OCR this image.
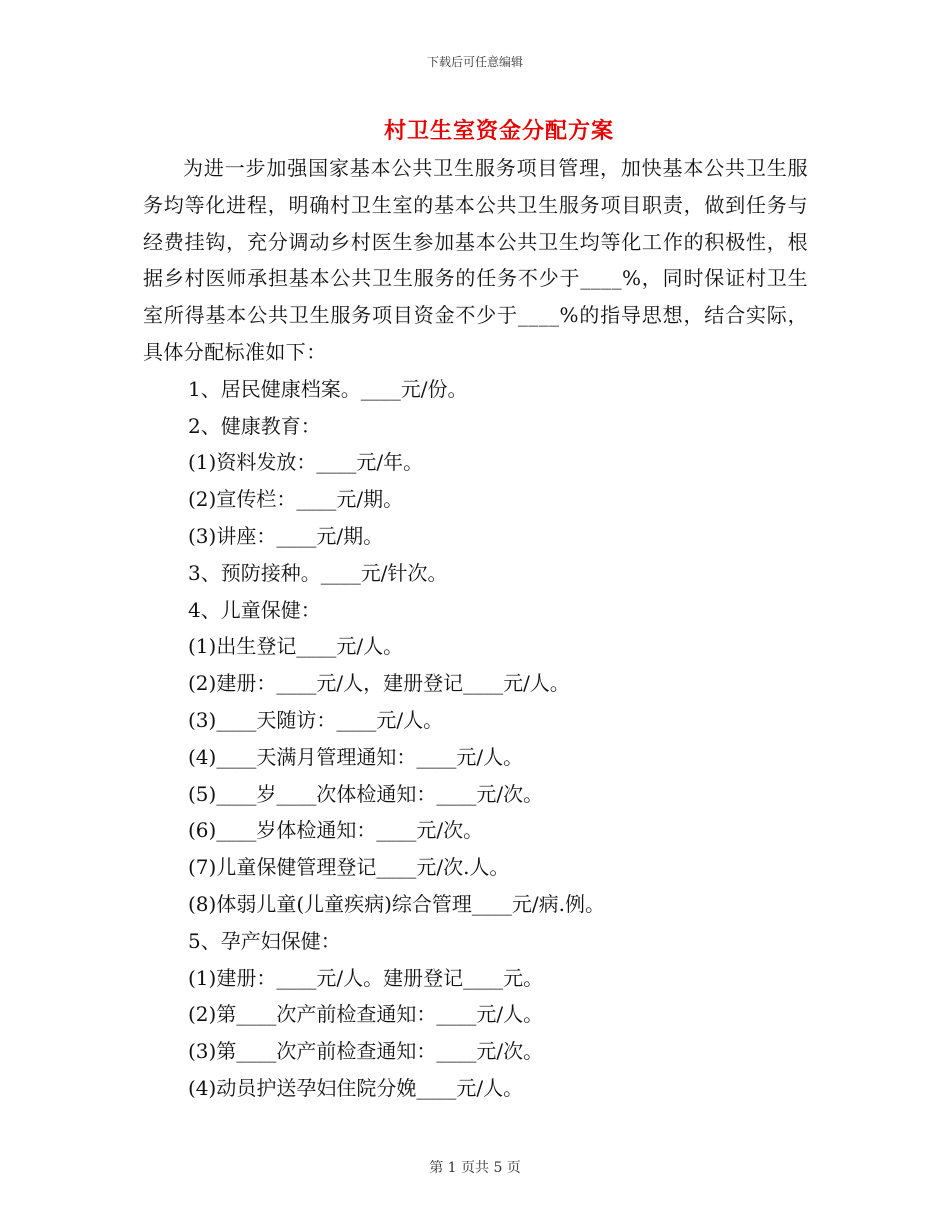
下载后可任意编辑
村卫生室资金分配方案

为进一步加强国家基本公共卫生服务项目管理，加快基本公共卫生服务均等化进程，明确村卫生室的基本公共卫生服务项目职责，做到任务与经费挂钩，充分调动乡村医生参加基本公共卫生均等化工作的积极性，根据乡村医师承担基本公共卫生服务的任务不少于____%，同时保证村卫生室所得基本公共卫生服务项目资金不少于____%的指导思想，结合实际，具体分配标准如下：

1、居民健康档案。____元/份。
2、健康教育：
(1)资料发放：____元/年。
(2)宣传栏：____元/期。
(3)讲座：____元/期。
3、预防接种。____元/针次。
4、儿童保健：
(1)出生登记____元/人。
(2)建册：____元/人，建册登记____元/人。
(3)____天随访：____元/人。
(4)____天满月管理通知：____元/人。
(5)____岁____次体检通知：____元/次。
(6)____岁体检通知：____元/次。
(7)儿童保健管理登记____元/次.人。
(8)体弱儿童(儿童疾病)综合管理____元/病.例。
5、孕产妇保健：
(1)建册：____元/人。建册登记____元。
(2)第____次产前检查通知：____元/人。
(3)第____次产前检查通知：____元/次。
(4)动员护送孕妇住院分娩____元/人。
第 1 页共 5 页
